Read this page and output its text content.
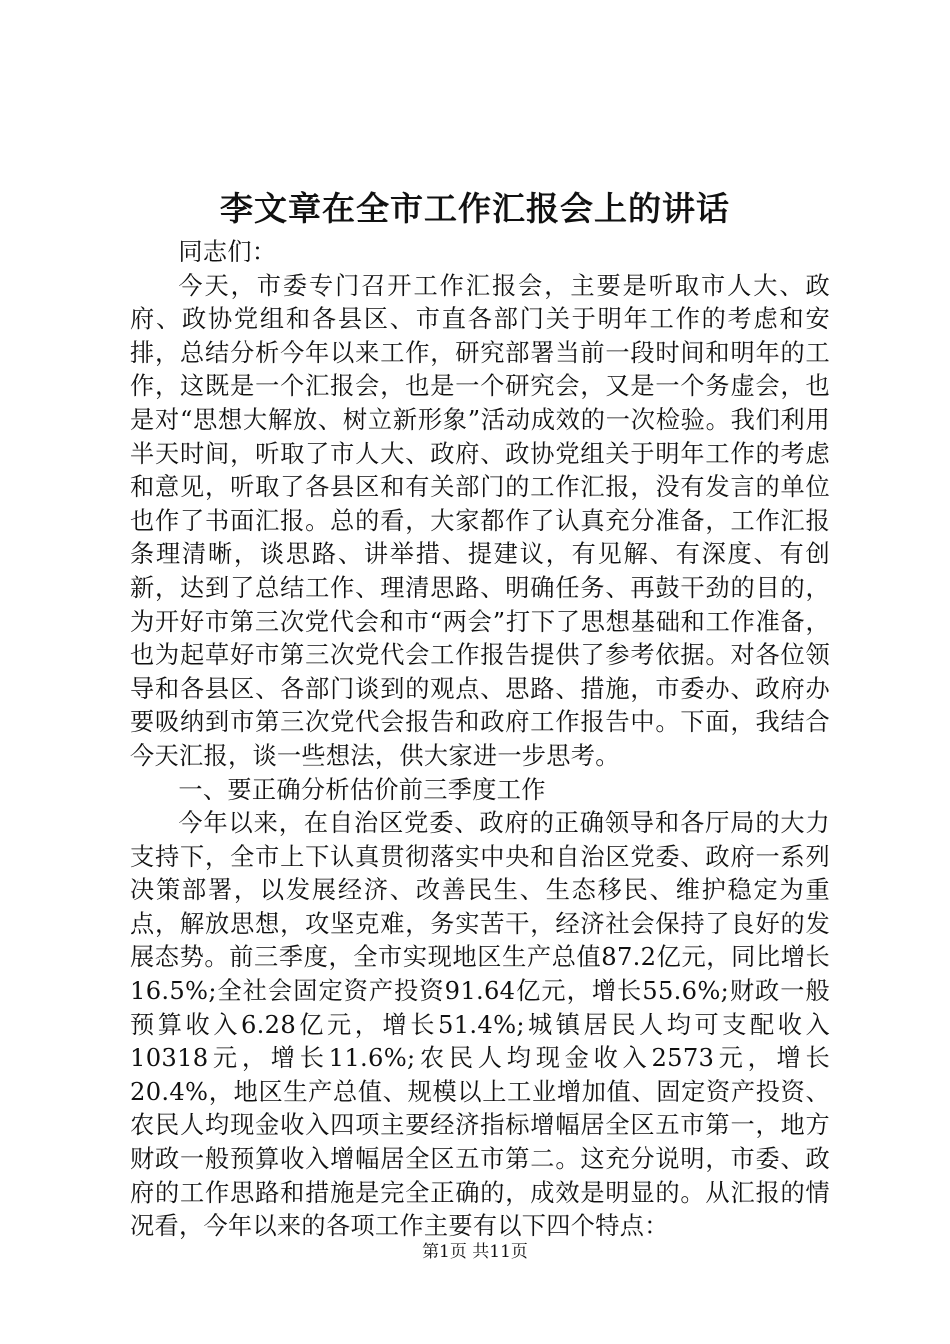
李文章在全市工作汇报会上的讲话

同志们：

今天，市委专门召开工作汇报会，主要是听取市人大、政府、政协党组和各县区、市直各部门关于明年工作的考虑和安排，总结分析今年以来工作，研究部署当前一段时间和明年的工作，这既是一个汇报会，也是一个研究会，又是一个务虚会，也是对“思想大解放、树立新形象”活动成效的一次检验。我们利用半天时间，听取了市人大、政府、政协党组关于明年工作的考虑和意见，听取了各县区和有关部门的工作汇报，没有发言的单位也作了书面汇报。总的看，大家都作了认真充分准备，工作汇报条理清晰，谈思路、讲举措、提建议，有见解、有深度、有创新，达到了总结工作、理清思路、明确任务、再鼓干劲的目的，为开好市第三次党代会和市“两会”打下了思想基础和工作准备，也为起草好市第三次党代会工作报告提供了参考依据。对各位领导和各县区、各部门谈到的观点、思路、措施，市委办、政府办要吸纳到市第三次党代会报告和政府工作报告中。下面，我结合今天汇报，谈一些想法，供大家进一步思考。

一、要正确分析估价前三季度工作

今年以来，在自治区党委、政府的正确领导和各厅局的大力支持下，全市上下认真贯彻落实中央和自治区党委、政府一系列决策部署，以发展经济、改善民生、生态移民、维护稳定为重点，解放思想，攻坚克难，务实苦干，经济社会保持了良好的发展态势。前三季度，全市实现地区生产总值87.2亿元，同比增长16.5%;全社会固定资产投资91.64亿元，增长55.6%;财政一般预算收入6.28亿元，增长51.4%;城镇居民人均可支配收入10318元，增长11.6%;农民人均现金收入2573元，增长20.4%，地区生产总值、规模以上工业增加值、固定资产投资、农民人均现金收入四项主要经济指标增幅居全区五市第一，地方财政一般预算收入增幅居全区五市第二。这充分说明，市委、政府的工作思路和措施是完全正确的，成效是明显的。从汇报的情况看，今年以来的各项工作主要有以下四个特点：

第1页 共11页
